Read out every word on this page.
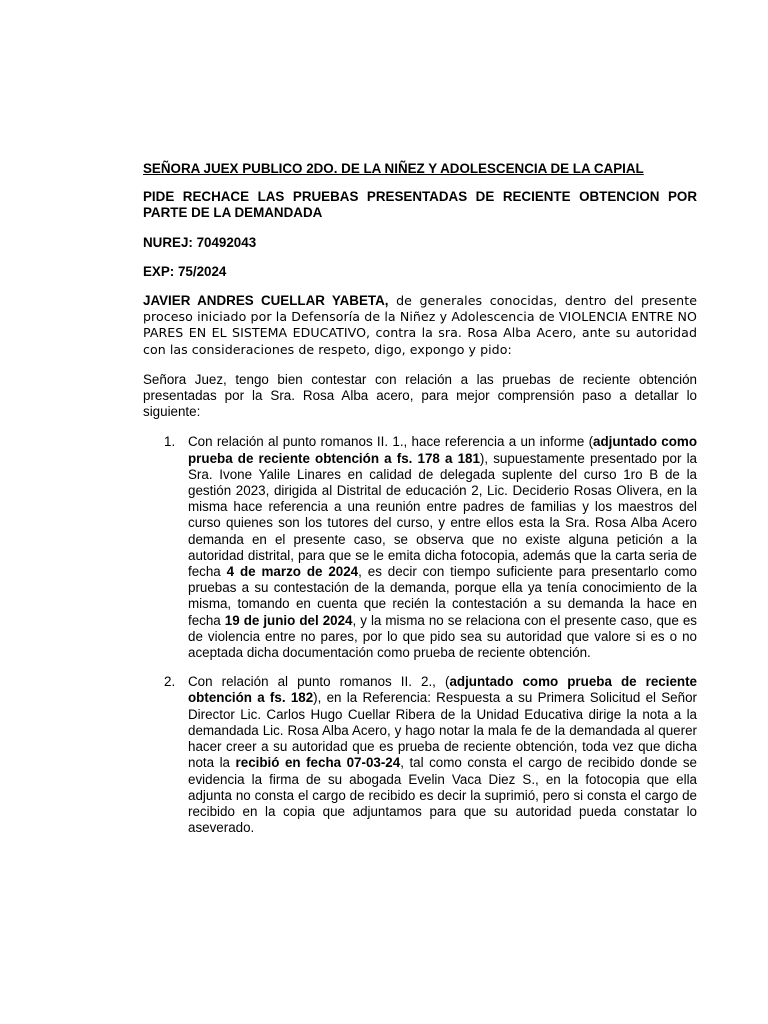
SEÑORA JUEX PUBLICO 2DO. DE LA NIÑEZ Y ADOLESCENCIA DE LA CAPIAL

PIDE RECHACE LAS PRUEBAS PRESENTADAS DE RECIENTE OBTENCION POR PARTE DE LA DEMANDADA

NUREJ: 70492043

EXP: 75/2024

JAVIER ANDRES CUELLAR YABETA, de generales conocidas, dentro del presente proceso iniciado por la Defensoría de la Niñez y Adolescencia de VIOLENCIA ENTRE NO PARES EN EL SISTEMA EDUCATIVO, contra la sra. Rosa Alba Acero, ante su autoridad con las consideraciones de respeto, digo, expongo y pido:

Señora Juez, tengo bien contestar con relación a las pruebas de reciente obtención presentadas por la Sra. Rosa Alba acero, para mejor comprensión paso a detallar lo siguiente:

1. Con relación al punto romanos II. 1., hace referencia a un informe (adjuntado como prueba de reciente obtención a fs. 178 a 181), supuestamente presentado por la Sra. Ivone Yalile Linares en calidad de delegada suplente del curso 1ro B de la gestión 2023, dirigida al Distrital de educación 2, Lic. Deciderio Rosas Olivera, en la misma hace referencia a una reunión entre padres de familias y los maestros del curso quienes son los tutores del curso, y entre ellos esta la Sra. Rosa Alba Acero demanda en el presente caso, se observa que no existe alguna petición a la autoridad distrital, para que se le emita dicha fotocopia, además que la carta seria de fecha 4 de marzo de 2024, es decir con tiempo suficiente para presentarlo como pruebas a su contestación de la demanda, porque ella ya tenía conocimiento de la misma, tomando en cuenta que recién la contestación a su demanda la hace en fecha 19 de junio del 2024, y la misma no se relaciona con el presente caso, que es de violencia entre no pares, por lo que pido sea su autoridad que valore si es o no aceptada dicha documentación como prueba de reciente obtención.
2. Con relación al punto romanos II. 2., (adjuntado como prueba de reciente obtención a fs. 182), en la Referencia: Respuesta a su Primera Solicitud el Señor Director Lic. Carlos Hugo Cuellar Ribera de la Unidad Educativa dirige la nota a la demandada Lic. Rosa Alba Acero, y hago notar la mala fe de la demandada al querer hacer creer a su autoridad que es prueba de reciente obtención, toda vez que dicha nota la recibió en fecha 07-03-24, tal como consta el cargo de recibido donde se evidencia la firma de su abogada Evelin Vaca Diez S., en la fotocopia que ella adjunta no consta el cargo de recibido es decir la suprimió, pero si consta el cargo de recibido en la copia que adjuntamos para que su autoridad pueda constatar lo aseverado.
